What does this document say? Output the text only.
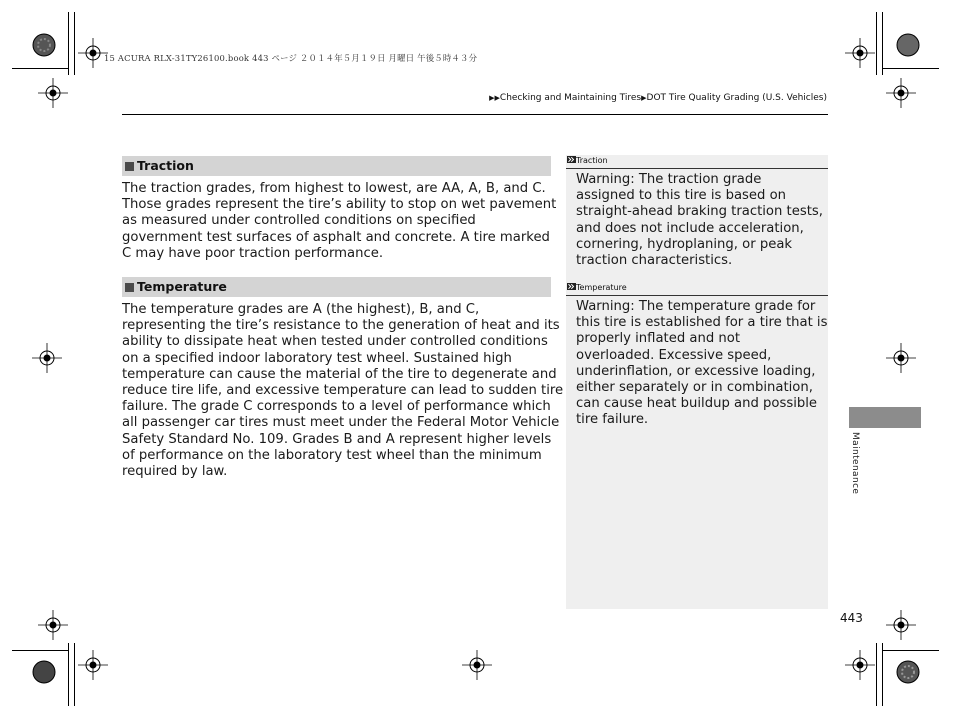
15 ACURA RLX-31TY26100.book 443 ページ ２０１４年５月１９日 月曜日 午後５時４３分
▶▶Checking and Maintaining Tires▶DOT Tire Quality Grading (U.S. Vehicles)
Traction
The traction grades, from highest to lowest, are AA, A, B, and C.
Those grades represent the tire’s ability to stop on wet pavement
as measured under controlled conditions on specified
government test surfaces of asphalt and concrete. A tire marked
C may have poor traction performance.
Temperature
The temperature grades are A (the highest), B, and C,
representing the tire’s resistance to the generation of heat and its
ability to dissipate heat when tested under controlled conditions
on a specified indoor laboratory test wheel. Sustained high
temperature can cause the material of the tire to degenerate and
reduce tire life, and excessive temperature can lead to sudden tire
failure. The grade C corresponds to a level of performance which
all passenger car tires must meet under the Federal Motor Vehicle
Safety Standard No. 109. Grades B and A represent higher levels
of performance on the laboratory test wheel than the minimum
required by law.
Traction
Warning: The traction grade
assigned to this tire is based on
straight-ahead braking traction tests,
and does not include acceleration,
cornering, hydroplaning, or peak
traction characteristics.
Temperature
Warning: The temperature grade for
this tire is established for a tire that is
properly inflated and not
overloaded. Excessive speed,
underinflation, or excessive loading,
either separately or in combination,
can cause heat buildup and possible
tire failure.
Maintenance
443
